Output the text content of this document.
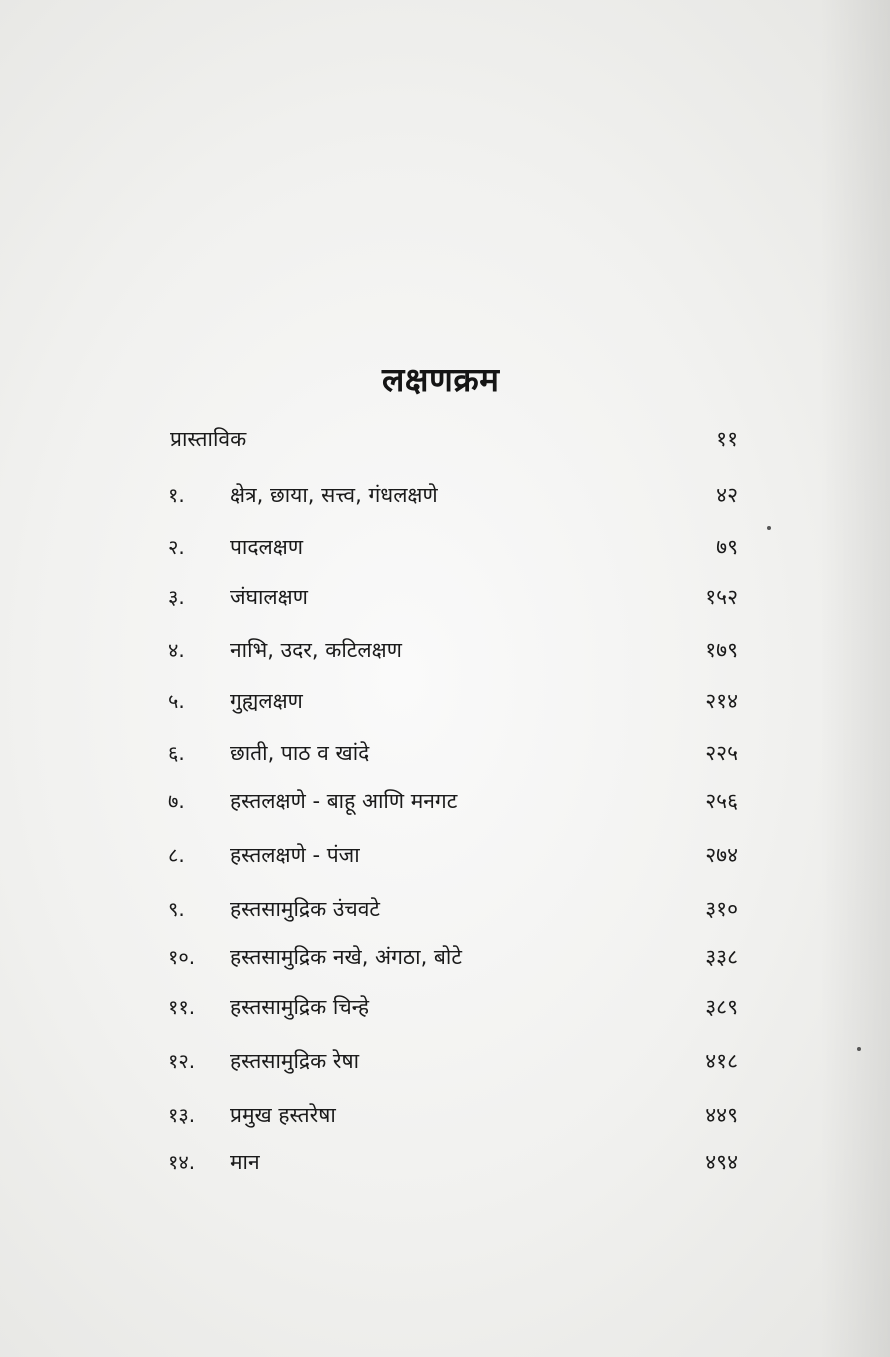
लक्षणक्रम
प्रास्ताविक	११
१. क्षेत्र, छाया, सत्त्व, गंधलक्षणे	४२
२. पादलक्षण	७९
३. जंघालक्षण	१५२
४. नाभि, उदर, कटिलक्षण	१७९
५. गुह्यलक्षण	२१४
६. छाती, पाठ व खांदे	२२५
७. हस्तलक्षणे - बाहू आणि मनगट	२५६
८. हस्तलक्षणे - पंजा	२७४
९. हस्तसामुद्रिक उंचवटे	३१०
१०. हस्तसामुद्रिक नखे, अंगठा, बोटे	३३८
११. हस्तसामुद्रिक चिन्हे	३८९
१२. हस्तसामुद्रिक रेषा	४१८
१३. प्रमुख हस्तरेषा	४४९
१४. मान	४९४
